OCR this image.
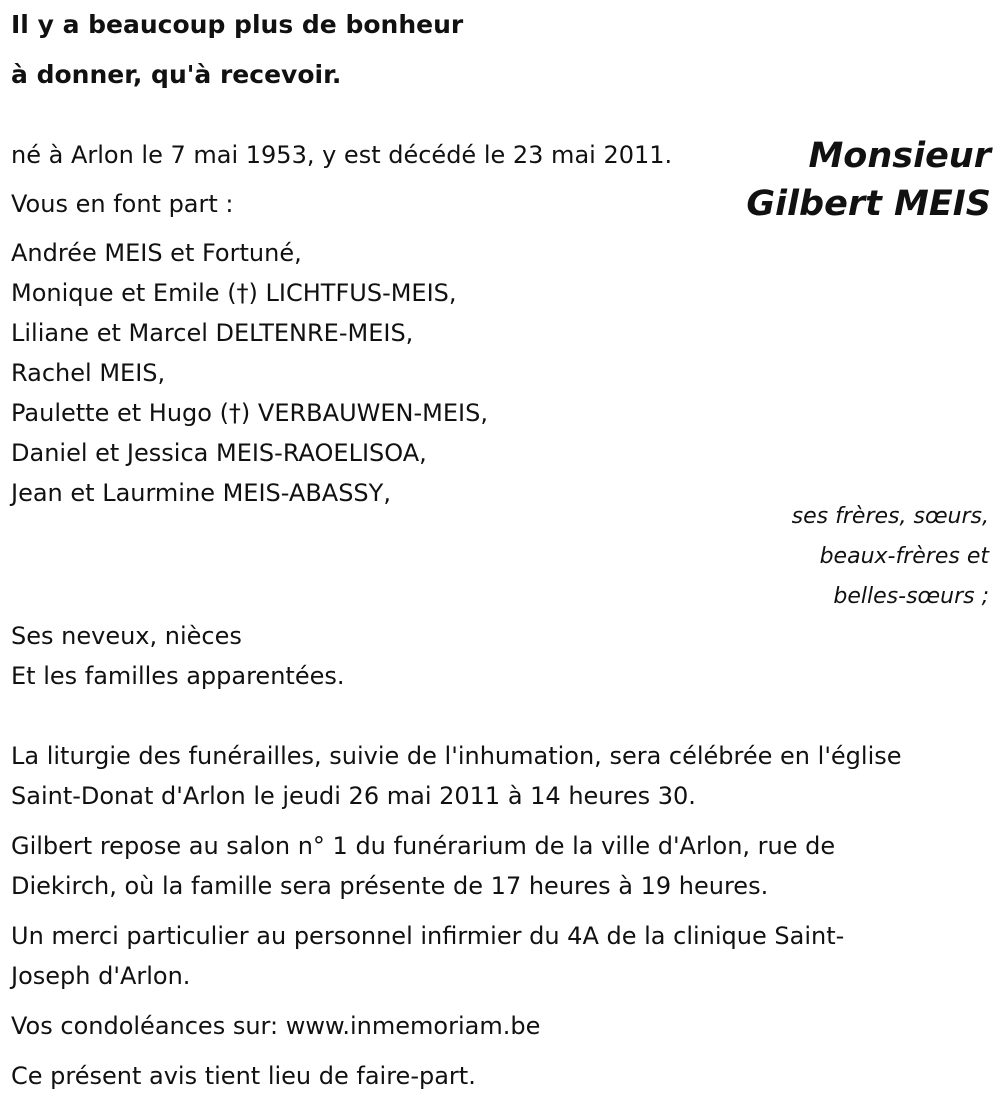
Il y a beaucoup plus de bonheur
à donner, qu'à recevoir.
Monsieur
Gilbert MEIS
né à Arlon le 7 mai 1953, y est décédé le 23 mai 2011.
Vous en font part :
Andrée MEIS et Fortuné,
Monique et Emile (†) LICHTFUS-MEIS,
Liliane et Marcel DELTENRE-MEIS,
Rachel MEIS,
Paulette et Hugo (†) VERBAUWEN-MEIS,
Daniel et Jessica MEIS-RAOELISOA,
Jean et Laurmine MEIS-ABASSY,
ses frères, sœurs,
beaux-frères et
belles-sœurs ;
Ses neveux, nièces
Et les familles apparentées.
La liturgie des funérailles, suivie de l'inhumation, sera célébrée en l'église
Saint-Donat d'Arlon le jeudi 26 mai 2011 à 14 heures 30.
Gilbert repose au salon n° 1 du funérarium de la ville d'Arlon, rue de
Diekirch, où la famille sera présente de 17 heures à 19 heures.
Un merci particulier au personnel infirmier du 4A de la clinique Saint-
Joseph d'Arlon.
Vos condoléances sur: www.inmemoriam.be
Ce présent avis tient lieu de faire-part.
